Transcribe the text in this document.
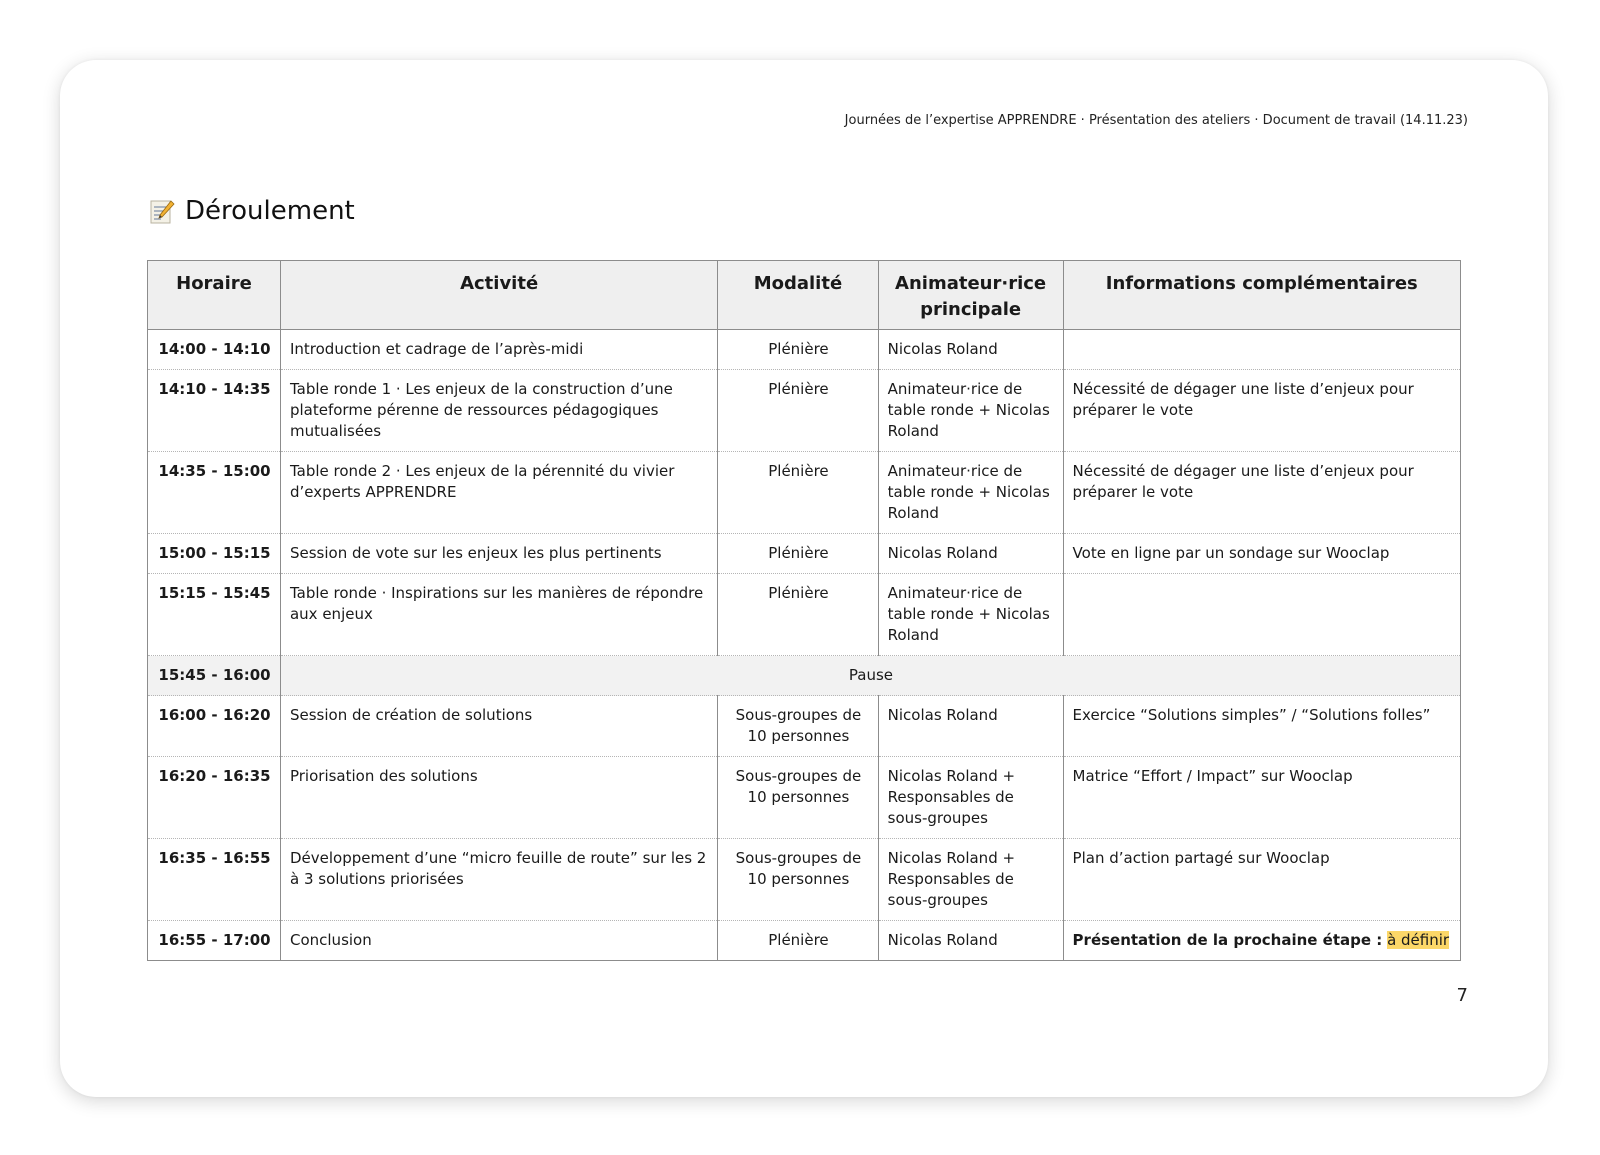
Journées de l’expertise APPRENDRE · Présentation des ateliers · Document de travail (14.11.23)
Déroulement
Horaire	Activité	Modalité	Animateur·rice principale	Informations complémentaires
14:00 - 14:10	Introduction et cadrage de l’après-midi	Plénière	Nicolas Roland	
14:10 - 14:35	Table ronde 1 · Les enjeux de la construction d’une plateforme pérenne de ressources pédagogiques mutualisées	Plénière	Animateur·rice de table ronde + Nicolas Roland	Nécessité de dégager une liste d’enjeux pour préparer le vote
14:35 - 15:00	Table ronde 2 · Les enjeux de la pérennité du vivier d’experts APPRENDRE	Plénière	Animateur·rice de table ronde + Nicolas Roland	Nécessité de dégager une liste d’enjeux pour préparer le vote
15:00 - 15:15	Session de vote sur les enjeux les plus pertinents	Plénière	Nicolas Roland	Vote en ligne par un sondage sur Wooclap
15:15 - 15:45	Table ronde · Inspirations sur les manières de répondre aux enjeux	Plénière	Animateur·rice de table ronde + Nicolas Roland	
15:45 - 16:00	Pause			
16:00 - 16:20	Session de création de solutions	Sous-groupes de 10 personnes	Nicolas Roland	Exercice “Solutions simples” / “Solutions folles”
16:20 - 16:35	Priorisation des solutions	Sous-groupes de 10 personnes	Nicolas Roland + Responsables de sous-groupes	Matrice “Effort / Impact” sur Wooclap
16:35 - 16:55	Développement d’une “micro feuille de route” sur les 2 à 3 solutions priorisées	Sous-groupes de 10 personnes	Nicolas Roland + Responsables de sous-groupes	Plan d’action partagé sur Wooclap
16:55 - 17:00	Conclusion	Plénière	Nicolas Roland	Présentation de la prochaine étape : à définir
7
